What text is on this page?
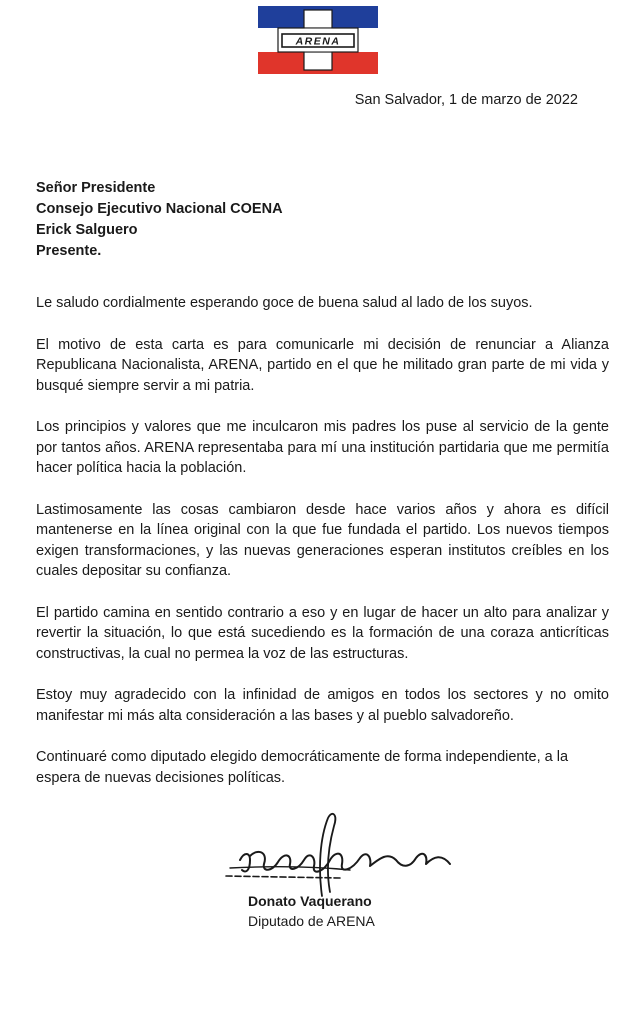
ARENA
San Salvador, 1 de marzo de 2022
Señor Presidente
Consejo Ejecutivo Nacional COENA
Erick Salguero
Presente.

Le saludo cordialmente esperando goce de buena salud al lado de los suyos.

El motivo de esta carta es para comunicarle mi decisión de renunciar a Alianza Republicana Nacionalista, ARENA, partido en el que he militado gran parte de mi vida y busqué siempre servir a mi patria.

Los principios y valores que me inculcaron mis padres los puse al servicio de la gente por tantos años. ARENA representaba para mí una institución partidaria que me permitía hacer política hacia la población.

Lastimosamente las cosas cambiaron desde hace varios años y ahora es difícil mantenerse en la línea original con la que fue fundada el partido. Los nuevos tiempos exigen transformaciones, y las nuevas generaciones esperan institutos creíbles en los cuales depositar su confianza.

El partido camina en sentido contrario a eso y en lugar de hacer un alto para analizar y revertir la situación, lo que está sucediendo es la formación de una coraza anticríticas constructivas, la cual no permea la voz de las estructuras.

Estoy muy agradecido con la infinidad de amigos en todos los sectores y no omito manifestar mi más alta consideración a las bases y al pueblo salvadoreño.

Continuaré como diputado elegido democráticamente de forma independiente, a la espera de nuevas decisiones políticas.

Donato Vaquerano
Diputado de ARENA
